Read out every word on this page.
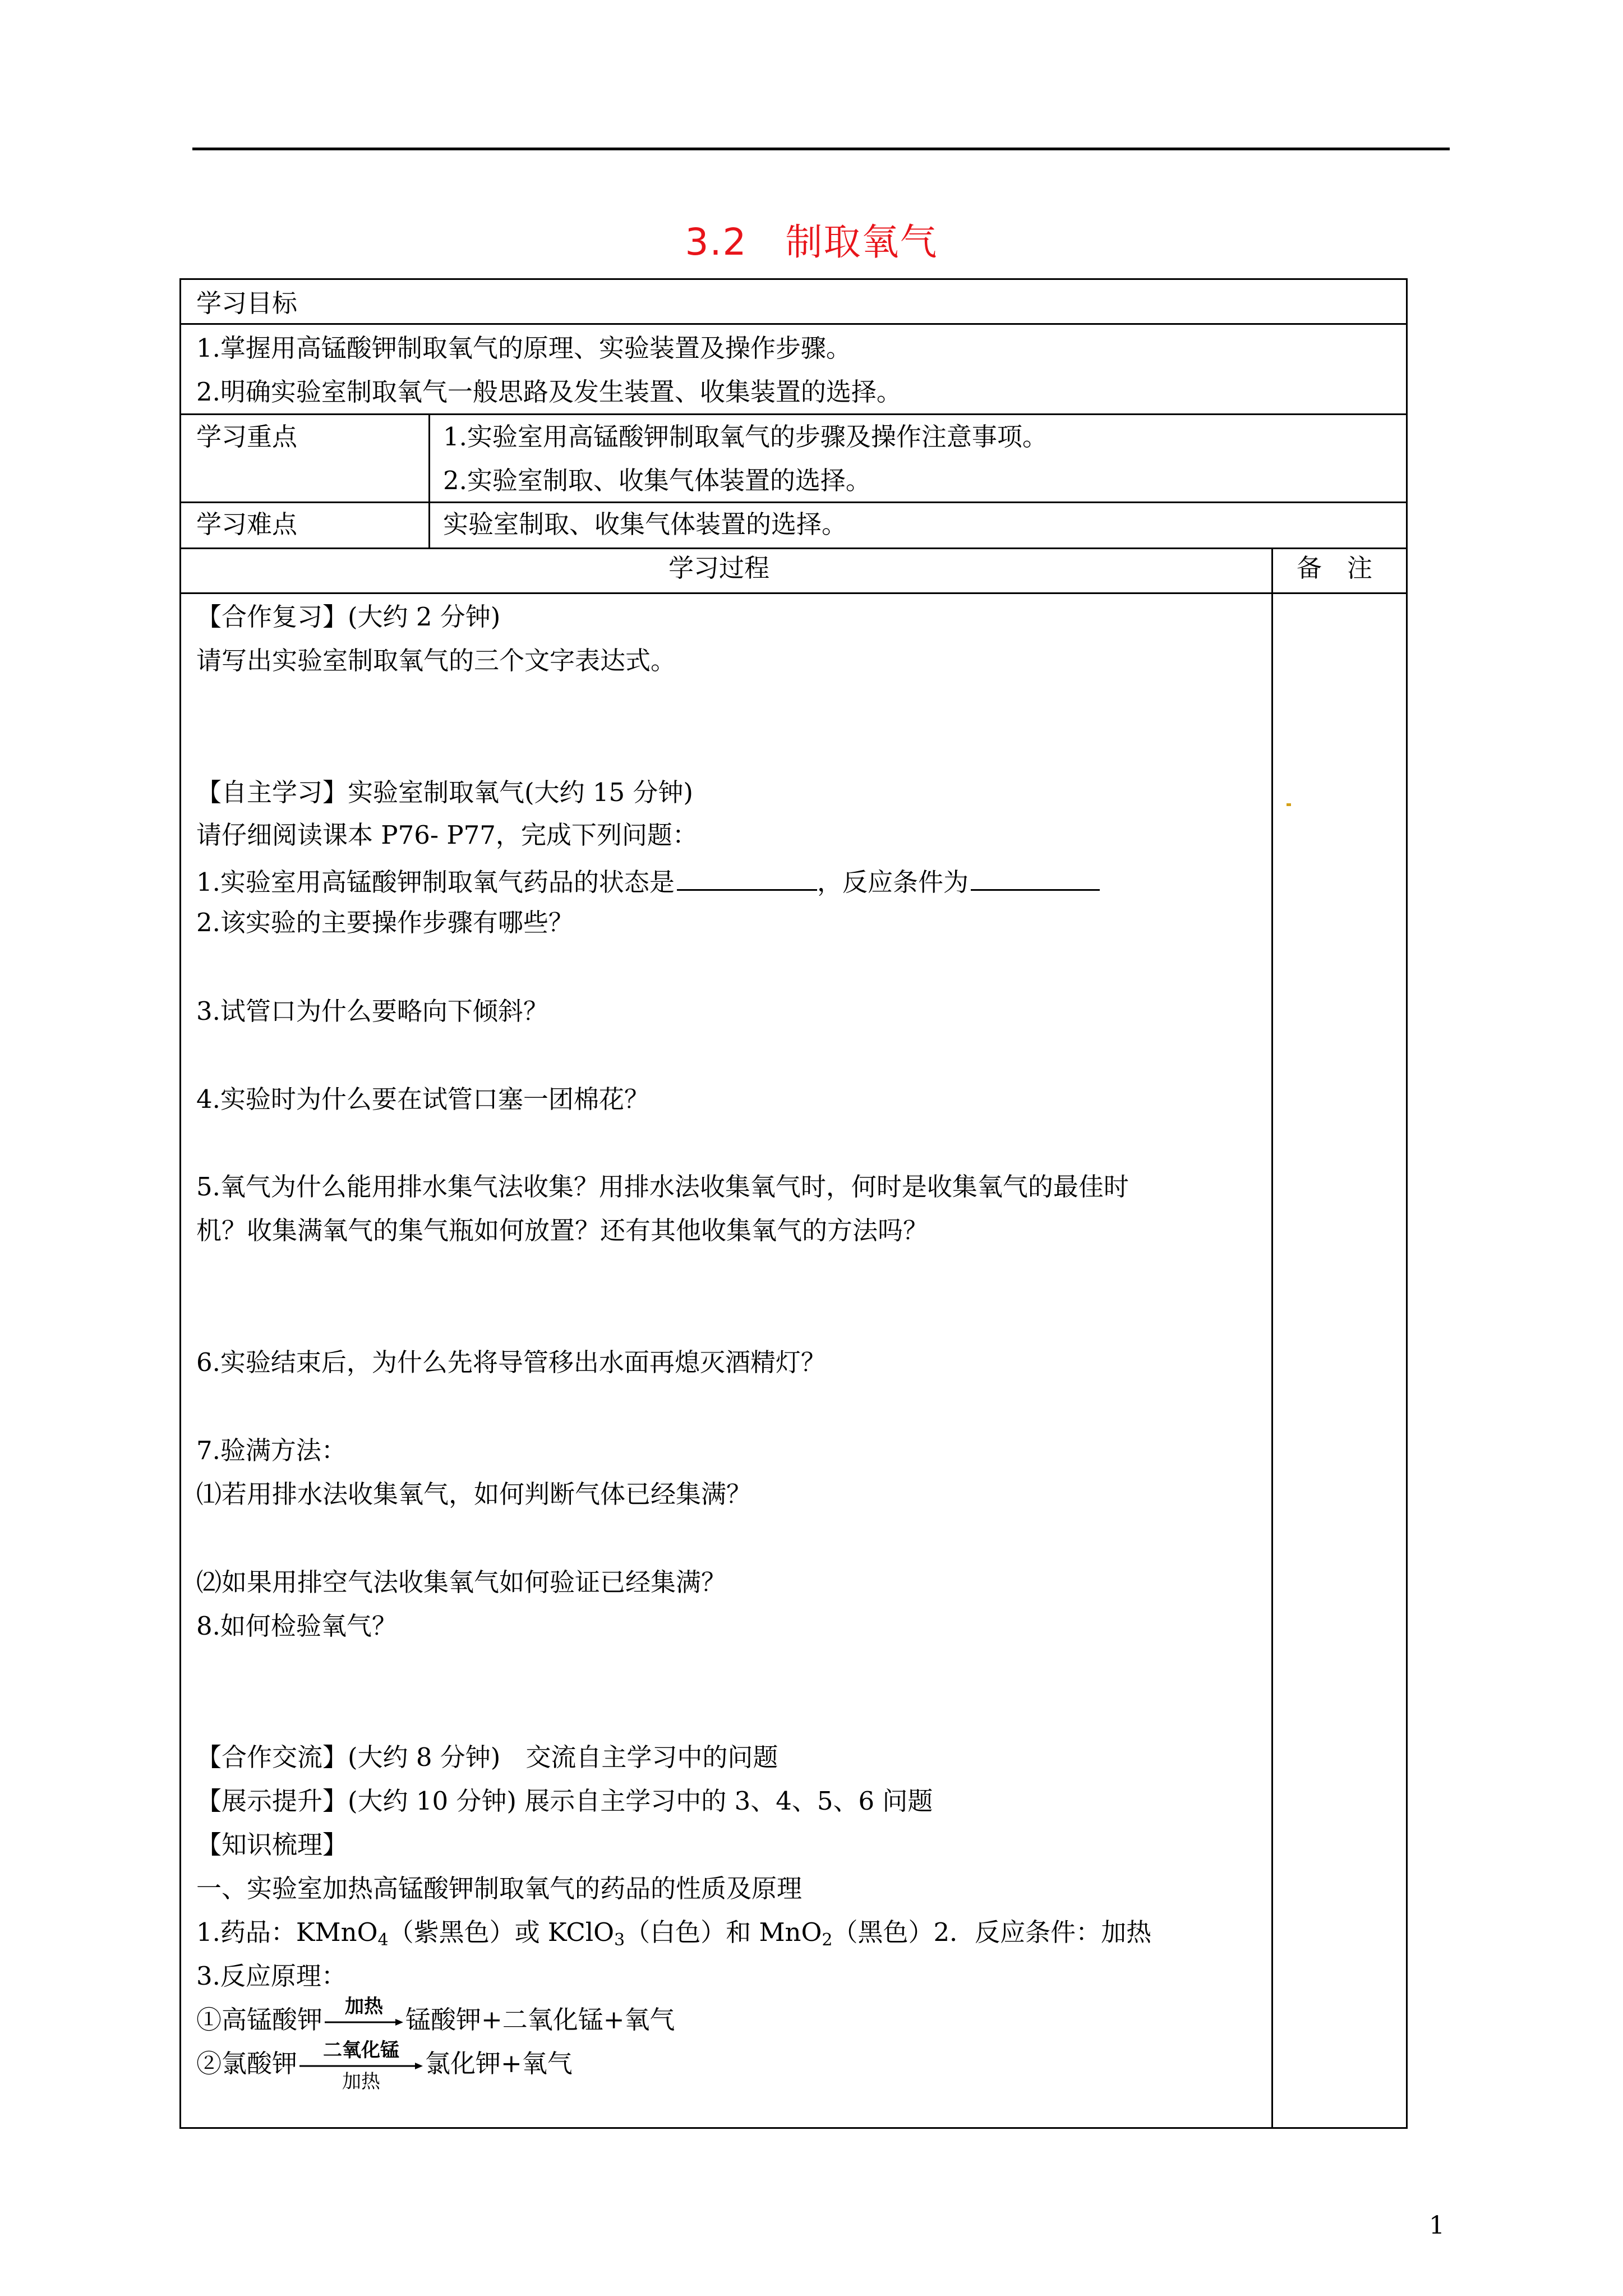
3.2　制取氧气
学习目标
1.掌握用高锰酸钾制取氧气的原理、实验装置及操作步骤。
2.明确实验室制取氧气一般思路及发生装置、收集装置的选择。
学习重点	1.实验室用高锰酸钾制取氧气的步骤及操作注意事项。
2.实验室制取、收集气体装置的选择。
学习难点	实验室制取、收集气体装置的选择。
学习过程	备　注
【合作复习】(大约 2 分钟)
请写出实验室制取氧气的三个文字表达式。
【自主学习】实验室制取氧气(大约 15 分钟)
请仔细阅读课本 P76- P77，完成下列问题：
1.实验室用高锰酸钾制取氧气药品的状态是	，反应条件为
2.该实验的主要操作步骤有哪些？
3.试管口为什么要略向下倾斜？
4.实验时为什么要在试管口塞一团棉花？
5.氧气为什么能用排水集气法收集？用排水法收集氧气时，何时是收集氧气的最佳时
机？收集满氧气的集气瓶如何放置？还有其他收集氧气的方法吗？
6.实验结束后，为什么先将导管移出水面再熄灭酒精灯？
7.验满方法：
⑴若用排水法收集氧气，如何判断气体已经集满？
⑵如果用排空气法收集氧气如何验证已经集满？
8.如何检验氧气？
【合作交流】(大约 8 分钟)　交流自主学习中的问题
【展示提升】(大约 10 分钟) 展示自主学习中的 3、4、5、6 问题
【知识梳理】
一、实验室加热高锰酸钾制取氧气的药品的性质及原理
1.药品：KMnO$_4$（紫黑色）或 KClO$_3$（白色）和 MnO$_2$（黑色）2．反应条件：加热
3.反应原理：
①高锰酸钾	加热 锰酸钾+二氧化锰+氧气
②氯酸钾	二氧化锰
加热
氯化钾+氧气
1
